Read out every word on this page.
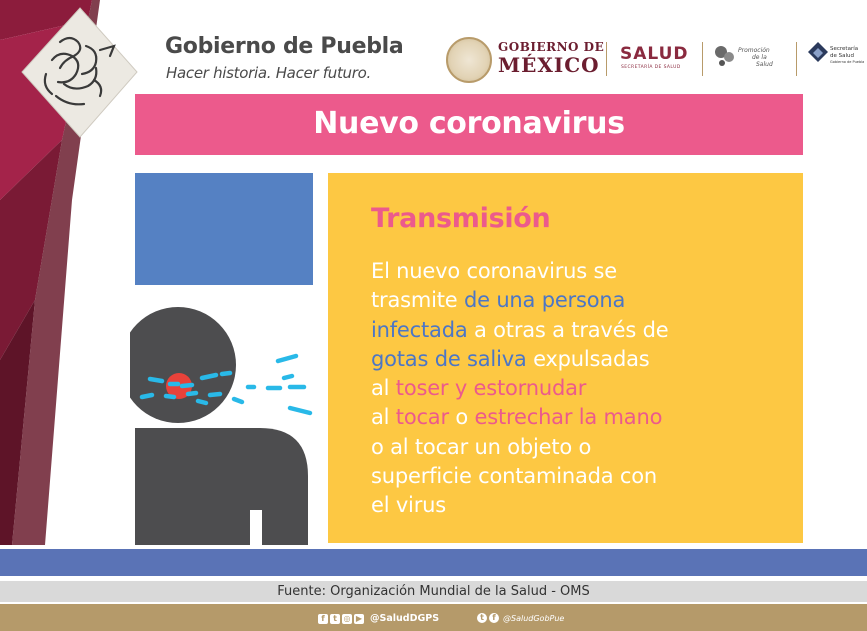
Gobierno de Puebla
Hacer historia. Hacer futuro.
GOBIERNO DE
MÉXICO SALUD
SECRETARÍA DE SALUD
Promoción
de la
Salud
Secretaría
de Salud
Gobierno de Puebla
Nuevo coronavirus
Transmisión
El nuevo coronavirus se
trasmite de una persona
infectada a otras a través de
gotas de saliva expulsadas
al toser y estornudar
al tocar o estrechar la mano
o al tocar un objeto o
superficie contaminada con
el virus
Fuente: Organización Mundial de la Salud - OMS
f	t ◎ ▶ @SaludDGPS	t	f @SaludGobPue
